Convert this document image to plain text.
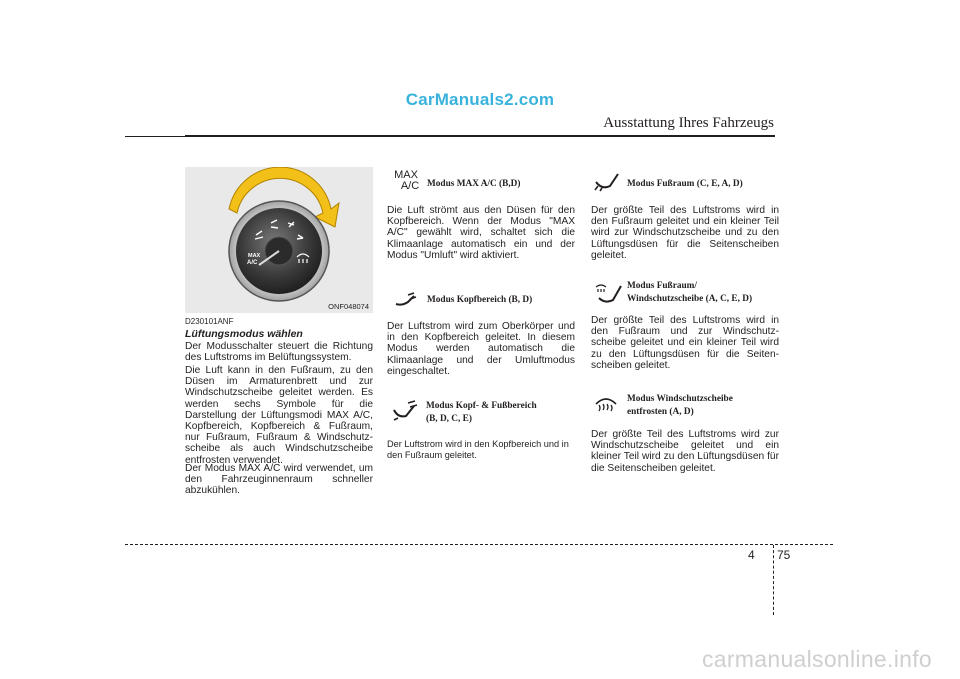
CarManuals2.com
Ausstattung Ihres Fahrzeugs
MAX
A/C
ONF048074
D230101ANF
Lüftungsmodus wählen
Der Modusschalter steuert die Richtung des Luftstroms im Belüftungssystem.
Die Luft kann in den Fußraum, zu den Düsen im Armaturenbrett und zur Windschutzscheibe geleitet werden. Es werden sechs Symbole für die Darstellung der Lüftungsmodi MAX A/C, Kopfbereich, Kopfbereich & Fußraum, nur Fußraum, Fußraum & Windschutz-scheibe als auch Windschutzscheibe entfrosten verwendet.
Der Modus MAX A/C wird verwendet, um den Fahrzeuginnenraum schneller abzukühlen.
MAX
A/C Modus MAX A/C (B,D)
Die Luft strömt aus den Düsen für den Kopfbereich. Wenn der Modus "MAX A/C" gewählt wird, schaltet sich die Klimaanlage automatisch ein und der Modus "Umluft" wird aktiviert.
Modus Kopfbereich (B, D)
Der Luftstrom wird zum Oberkörper und in den Kopfbereich geleitet. In diesem Modus werden automatisch die Klimaanlage und der Umluftmodus eingeschaltet.
Modus Kopf- & Fußbereich
(B, D, C, E)
Der Luftstrom wird in den Kopfbereich und in den Fußraum geleitet.
Modus Fußraum (C, E, A, D)
Der größte Teil des Luftstroms wird in den Fußraum geleitet und ein kleiner Teil wird zur Windschutzscheibe und zu den Lüftungsdüsen für die Seitenscheiben geleitet.
Modus Fußraum/
Windschutzscheibe (A, C, E, D)
Der größte Teil des Luftstroms wird in den Fußraum und zur Windschutz-scheibe geleitet und ein kleiner Teil wird zu den Lüftungsdüsen für die Seiten-scheiben geleitet.
Modus Windschutzscheibe
entfrosten (A, D)
Der größte Teil des Luftstroms wird zur Windschutzscheibe geleitet und ein kleiner Teil wird zu den Lüftungsdüsen für die Seitenscheiben geleitet.
4 75
carmanualsonline.info
